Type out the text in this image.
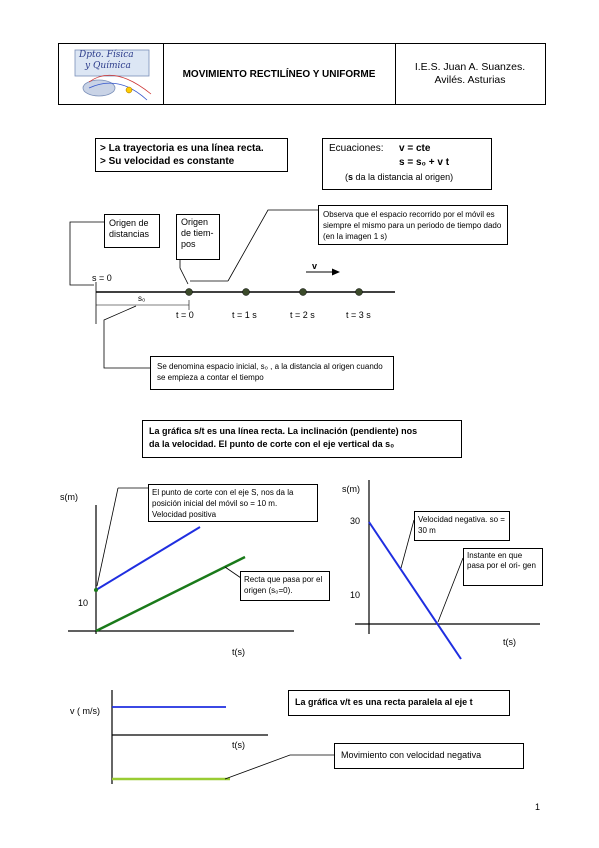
Dpto. Física
y Química
MOVIMIENTO RECTILÍNEO Y UNIFORME
I.E.S. Juan A. Suanzes.
Avilés. Asturias
> La trayectoria es una línea recta.
> Su velocidad es constante
Ecuaciones: v = cte
s = s₀ + v t
(s da la distancia al origen)
Origen de distancias
Origen de tiem- pos
Observa que el espacio recorrido por el móvil es siempre el mismo para un periodo de tiempo dado (en la imagen 1 s)
s = 0
s₀
v
t = 0	t = 1 s	t = 2 s	t = 3 s
Se denomina espacio inicial, s₀ , a la distancia al origen cuando se empieza a contar el tiempo
La gráfica s/t es una línea recta. La inclinación (pendiente) nos
da la velocidad. El punto de corte con el eje vertical da s₀
s(m)
t(s)
10
El punto de corte con el eje S, nos da la posición inicial del móvil so = 10 m. Velocidad positiva
Recta que pasa por el origen (s₀=0).
s(m)
t(s)
30
10
Velocidad negativa. so = 30 m
Instante en que pasa por el ori- gen
v ( m/s)
t(s)
La gráfica v/t es una recta paralela al eje t
Movimiento con velocidad negativa
1
